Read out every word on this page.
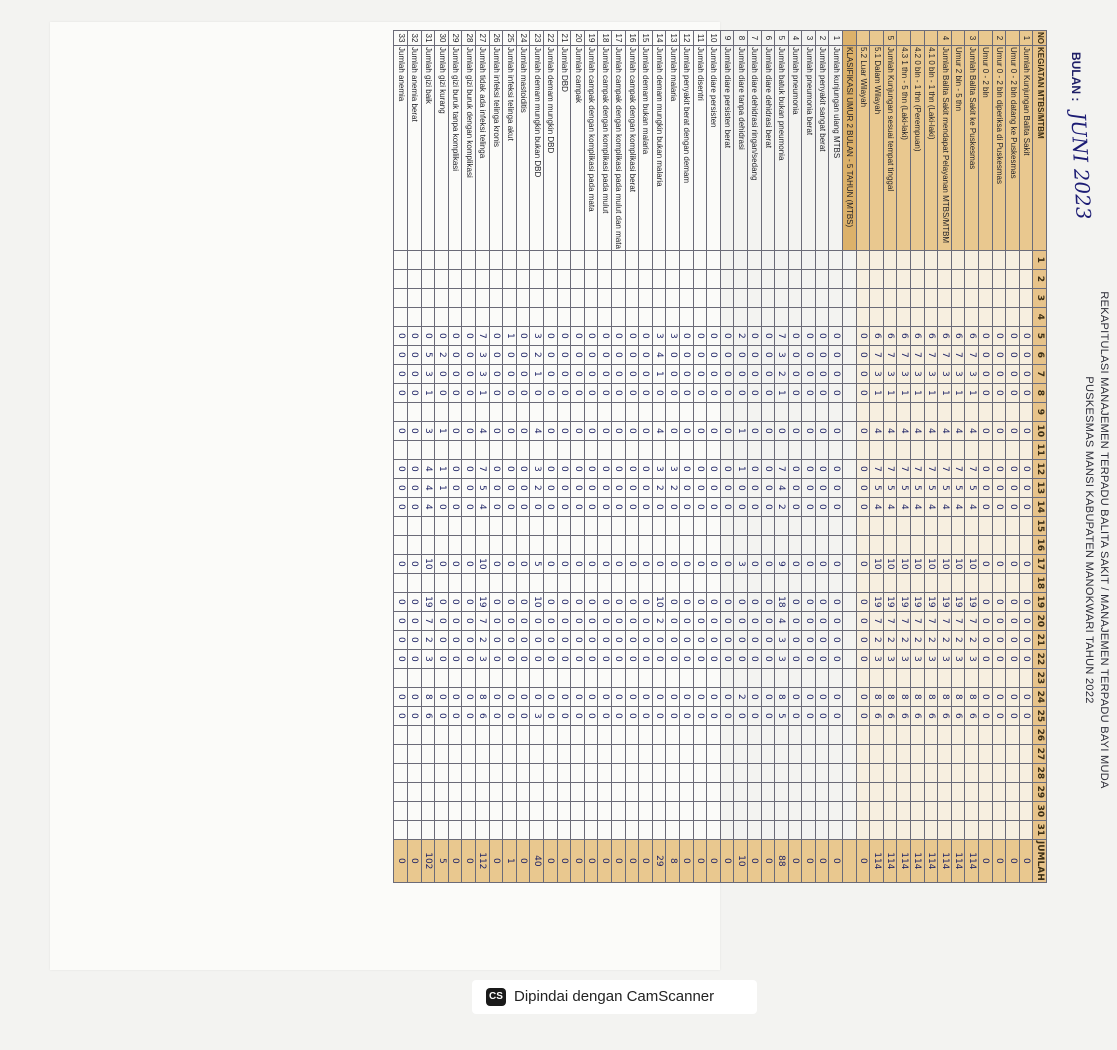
REKAPITULASI MANAJEMEN TERPADU BALITA SAKIT / MANAJEMEN TERPADU BAYI MUDA
PUSKESMAS MANSI KABUPATEN MANOKWARI TAHUN 2022
BULAN :
JUNI 2023
NO	KEGIATAN MTBS/MTBM	1	2	3	4	5	6	7	8	9	10	11	12	13	14	15	16	17	18	19	20	21	22	23	24	25	26	27	28	29	30	31	JUMLAH
1	Jumlah Kunjungan Balita Sakit					0	0	0	0		0		0	0	0			0		0	0	0	0		0	0							0
	Umur 0 - 2 bln datang ke Puskesmas					0	0	0	0		0		0	0	0			0		0	0	0	0		0	0							0
2	Umur 0 - 2 bln diperiksa di Puskesmas					0	0	0	0		0		0	0	0			0		0	0	0	0		0	0							0
	Umur 0 - 2 bln					0	0	0	0		0		0	0	0			0		0	0	0	0		0	0							0
3	Jumlah Balita Sakit ke Puskesmas					6	7	3	1		4		7	5	4			10		19	7	2	3		8	6							114
	Umur 2 bln - 5 thn					6	7	3	1		4		7	5	4			10		19	7	2	3		8	6							114
4	Jumlah Balita Sakit mendapat Pelayanan MTBS/MTBM					6	7	3	1		4		7	5	4			10		19	7	2	3		8	6							114
	4.1 0 bln - 1 thn (Laki-laki)					6	7	3	1		4		7	5	4			10		19	7	2	3		8	6							114
	4.2 0 bln - 1 thn (Perempuan)					6	7	3	1		4		7	5	4			10		19	7	2	3		8	6							114
	4.3 1 thn - 5 thn (Laki-laki)					6	7	3	1		4		7	5	4			10		19	7	2	3		8	6							114
5	Jumlah Kunjungan sesuai tempat tinggal					6	7	3	1		4		7	5	4			10		19	7	2	3		8	6							114
	5.1 Dalam Wilayah					6	7	3	1		4		7	5	4			10		19	7	2	3		8	6							114
	5.2 Luar Wilayah					0	0	0	0		0		0	0	0			0		0	0	0	0		0	0							0
	KLASIFIKASI UMUR 2 BULAN - 5 TAHUN (MTBS)																																
1	Jumlah kunjungan ulang MTBS					0	0	0	0		0		0	0	0			0		0	0	0	0		0	0							0
2	Jumlah penyakit sangat berat					0	0	0	0		0		0	0	0			0		0	0	0	0		0	0							0
3	Jumlah pneumonia berat					0	0	0	0		0		0	0	0			0		0	0	0	0		0	0							0
4	Jumlah pneumonia					0	0	0	0		0		0	0	0			0		0	0	0	0		0	0							0
5	Jumlah batuk bukan pneumonia					7	3	2	1		0		7	4	2			9		18	4	3	3		8	5							88
6	Jumlah diare dehidrasi berat					0	0	0	0		0		0	0	0			0		0	0	0	0		0	0							0
7	Jumlah diare dehidrasi ringan/sedang					0	0	0	0		0		0	0	0			0		0	0	0	0		0	0							0
8	Jumlah diare tanpa dehidrasi					2	0	0	0		1		1	0	0			3		0	0	0	0		2	0							10
9	Jumlah diare persisten berat					0	0	0	0		0		0	0	0			0		0	0	0	0		0	0							0
10	Jumlah diare persisten					0	0	0	0		0		0	0	0			0		0	0	0	0		0	0							0
11	Jumlah disentri					0	0	0	0		0		0	0	0			0		0	0	0	0		0	0							0
12	Jumlah penyakit berat dengan demam					0	0	0	0		0		0	0	0			0		0	0	0	0		0	0							0
13	Jumlah malaria					3	0	0	0		0		3	2	0			0		0	0	0	0		0	0							8
14	Jumlah demam mungkin bukan malaria					3	4	1	0		4		3	2	0			0		10	2	0	0		0	0							29
15	Jumlah demam bukan malaria					0	0	0	0		0		0	0	0			0		0	0	0	0		0	0							0
16	Jumlah campak dengan komplikasi berat					0	0	0	0		0		0	0	0			0		0	0	0	0		0	0							0
17	Jumlah campak dengan komplikasi pada mulut dan mata					0	0	0	0		0		0	0	0			0		0	0	0	0		0	0							0
18	Jumlah campak dengan komplikasi pada mulut					0	0	0	0		0		0	0	0			0		0	0	0	0		0	0							0
19	Jumlah campak dengan komplikasi pada mata					0	0	0	0		0		0	0	0			0		0	0	0	0		0	0							0
20	Jumlah campak					0	0	0	0		0		0	0	0			0		0	0	0	0		0	0							0
21	Jumlah DBD					0	0	0	0		0		0	0	0			0		0	0	0	0		0	0							0
22	Jumlah demam mungkin DBD					0	0	0	0		0		0	0	0			0		0	0	0	0		0	0							0
23	Jumlah demam mungkin bukan DBD					3	2	1	0		4		3	2	0			5		10	0	0	0		0	3							40
24	Jumlah mastoiditis					0	0	0	0		0		0	0	0			0		0	0	0	0		0	0							0
25	Jumlah infeksi telinga akut					1	0	0	0		0		0	0	0			0		0	0	0	0		0	0							1
26	Jumlah infeksi telinga kronis					0	0	0	0		0		0	0	0			0		0	0	0	0		0	0							0
27	Jumlah tidak ada infeksi telinga					7	3	3	1		4		7	5	4			10		19	7	2	3		8	6							112
28	Jumlah gizi buruk dengan komplikasi					0	0	0	0		0		0	0	0			0		0	0	0	0		0	0							0
29	Jumlah gizi buruk tanpa komplikasi					0	0	0	0		0		0	0	0			0		0	0	0	0		0	0							0
30	Jumlah gizi kurang					0	2	0	0		1		1	1	0			0		0	0	0	0		0	0							5
31	Jumlah gizi baik					0	5	3	1		3		4	4	4			10		19	7	2	3		8	6							102
32	Jumlah anemia berat					0	0	0	0		0		0	0	0			0		0	0	0	0		0	0							0
33	Jumlah anemia					0	0	0	0		0		0	0	0			0		0	0	0	0		0	0							0
CS Dipindai dengan CamScanner
